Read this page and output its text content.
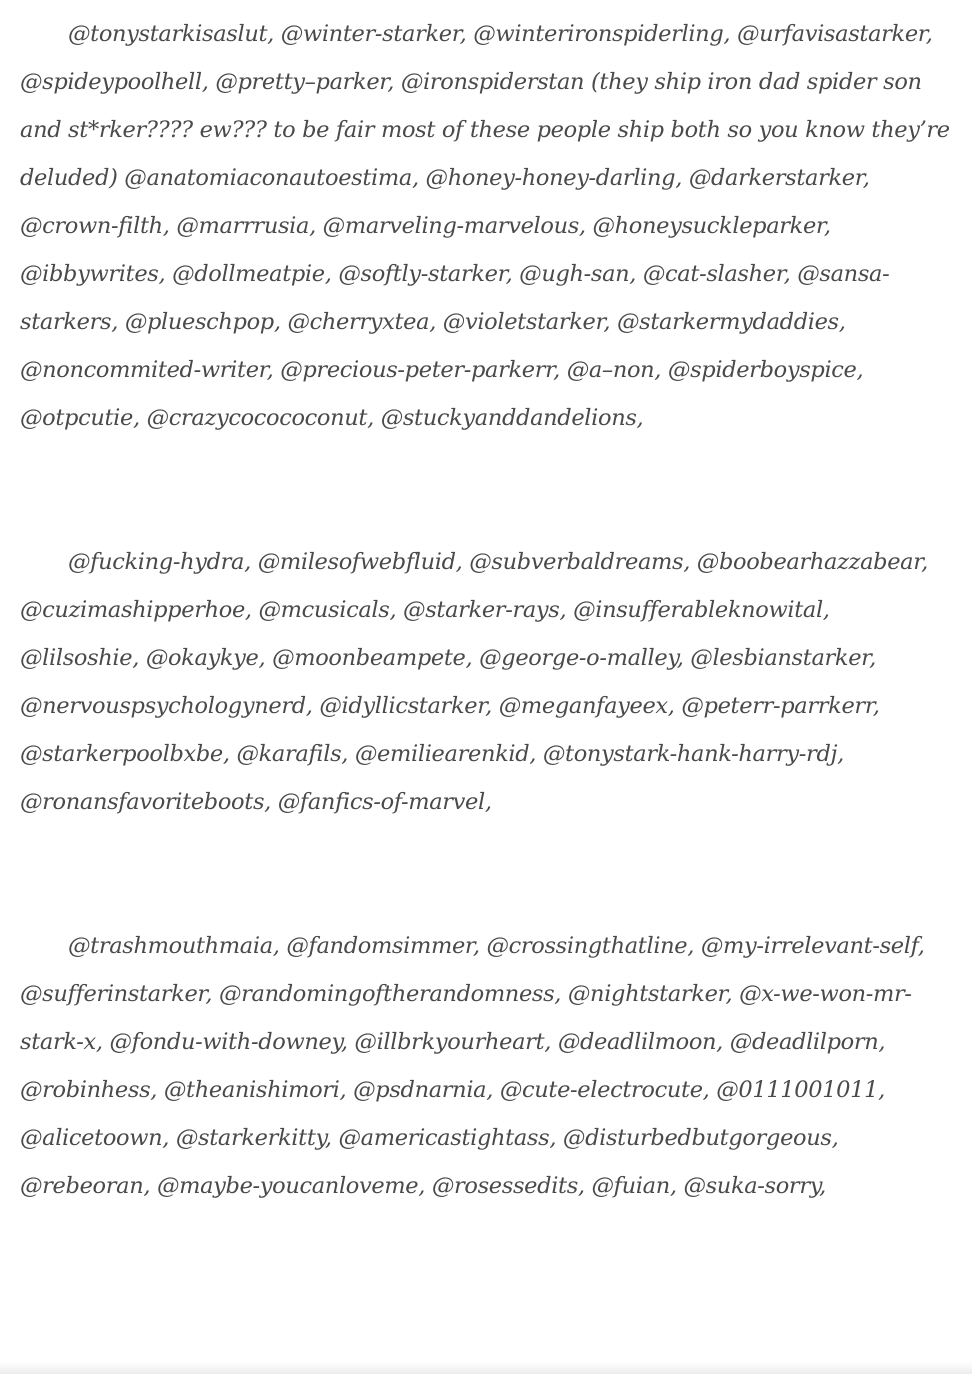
@tonystarkisaslut, @winter-starker, @winterironspiderling, @urfavisastarker, @spideypoolhell, @pretty–parker, @ironspiderstan (they ship iron dad spider son and st*rker???? ew??? to be fair most of these people ship both so you know they’re deluded) @anatomiaconautoestima, @honey-honey-darling, @darkerstarker, @crown-filth, @marrrusia, @marveling-marvelous, @honeysuckleparker, @ibbywrites, @dollmeatpie, @softly-starker, @ugh-san, @cat-slasher, @sansa-starkers, @plueschpop, @cherryxtea, @violetstarker, @starkermydaddies, @noncommited-writer, @precious-peter-parkerr, @a–non, @spiderboyspice, @otpcutie, @crazycocococonut, @stuckyanddandelions,

@fucking-hydra, @milesofwebfluid, @subverbaldreams, @boobearhazzabear, @cuzimashipperhoe, @mcusicals, @starker-rays, @insufferableknowital, @lilsoshie, @okaykye, @moonbeampete, @george-o-malley, @lesbianstarker, @nervouspsychologynerd, @idyllicstarker, @meganfayeex, @peterr-parrkerr, @starkerpoolbxbe, @karafils, @emiliearenkid, @tonystark-hank-harry-rdj, @ronansfavoriteboots, @fanfics-of-marvel,

@trashmouthmaia, @fandomsimmer, @crossingthatline, @my-irrelevant-self, @sufferinstarker, @randomingoftherandomness, @nightstarker, @x-we-won-mr-stark-x, @fondu-with-downey, @illbrkyourheart, @deadlilmoon, @deadlilporn, @robinhess, @theanishimori, @psdnarnia, @cute-electrocute, @0111001011, @alicetoown, @starkerkitty, @americastightass, @disturbedbutgorgeous, @rebeoran, @maybe-youcanloveme, @rosessedits, @fuian, @suka-sorry,
